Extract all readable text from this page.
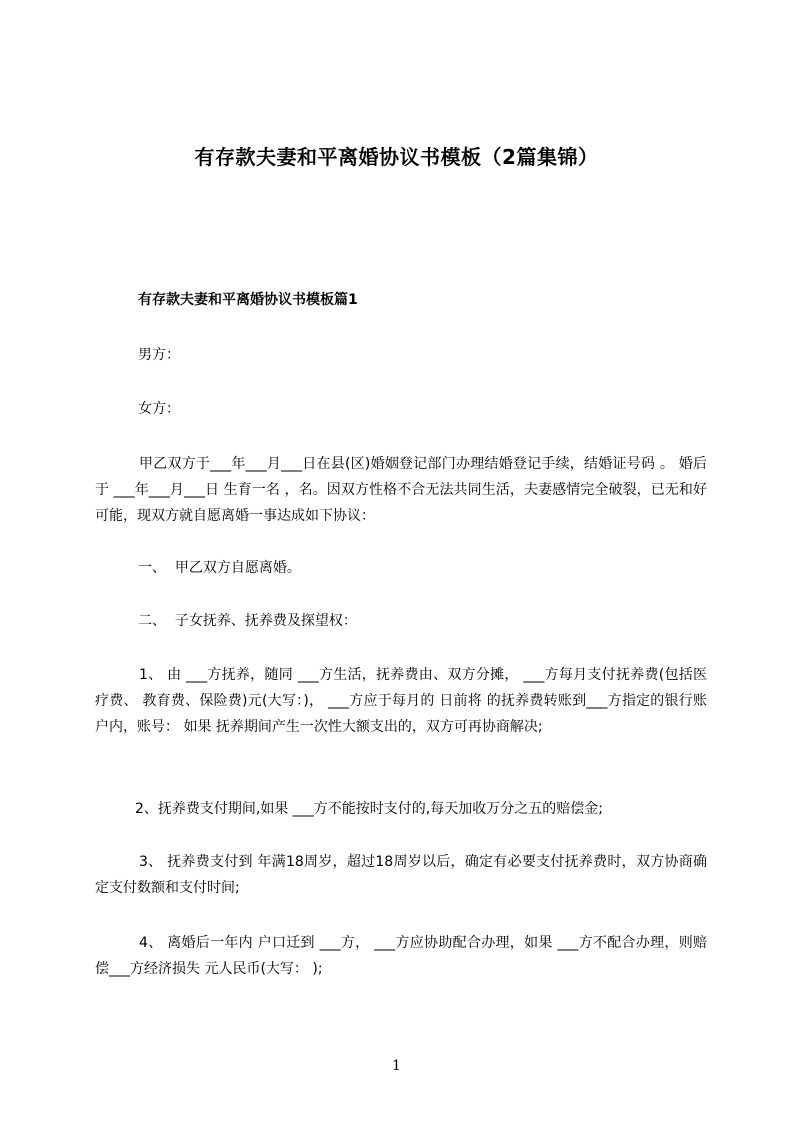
有存款夫妻和平离婚协议书模板（2篇集锦）
有存款夫妻和平离婚协议书模板篇1

男方：

女方：

甲乙双方于___年___月___日在县(区)婚姻登记部门办理结婚登记手续，结婚证号码 。 婚后 于 ___年___月___日 生育一名 ，名。因双方性格不合无法共同生活，夫妻感情完全破裂，已无和好可能，现双方就自愿离婚一事达成如下协议：

一、  甲乙双方自愿离婚。

二、  子女抚养、抚养费及探望权：

1、 由 ___方抚养，随同 ___方生活，抚养费由、双方分摊， ___方每月支付抚养费(包括医疗费、 教育费、保险费)元(大写：)， ___方应于每月的 日前将 的抚养费转账到___方指定的银行账户内，账号： 如果 抚养期间产生一次性大额支出的，双方可再协商解决;

2、抚养费支付期间,如果 ___方不能按时支付的,每天加收万分之五的赔偿金;

3、 抚养费支付到 年满18周岁，超过18周岁以后，确定有必要支付抚养费时，双方协商确定支付数额和支付时间;

4、 离婚后一年内 户口迁到 ___方， ___方应协助配合办理，如果 ___方不配合办理，则赔偿___方经济损失 元人民币(大写： );

1
